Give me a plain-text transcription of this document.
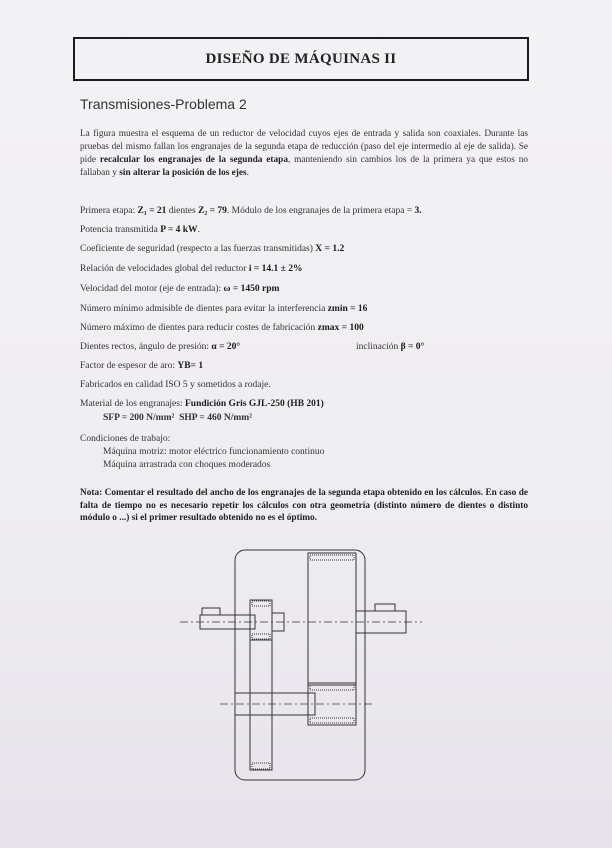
DISEÑO DE MÁQUINAS II
Transmisiones-Problema 2
La figura muestra el esquema de un reductor de velocidad cuyos ejes de entrada y salida son coaxiales. Durante las pruebas del mismo fallan los engranajes de la segunda etapa de reducción (paso del eje intermedio al eje de salida). Se pide recalcular los engranajes de la segunda etapa, manteniendo sin cambios los de la primera ya que estos no fallaban y sin alterar la posición de los ejes.
Primera etapa: Z₁ = 21 dientes Z₂ = 79. Módulo de los engranajes de la primera etapa = 3.
Potencia transmitida P = 4 kW.
Coeficiente de seguridad (respecto a las fuerzas transmitidas) X = 1.2
Relación de velocidades global del reductor i = 14.1 ± 2%
Velocidad del motor (eje de entrada): ω = 1450 rpm
Número mínimo admisible de dientes para evitar la interferencia zmin = 16
Número máximo de dientes para reducir costes de fabricación zmax = 100
Dientes rectos, ángulo de presión: α = 20°	inclinación β = 0°
Factor de espesor de aro: YB= 1
Fabricados en calidad ISO 5 y sometidos a rodaje.
Material de los engranajes: Fundición Gris GJL-250 (HB 201)
SFP = 200 N/mm² SHP = 460 N/mm²
Condiciones de trabajo:
Máquina motriz: motor eléctrico funcionamiento continuo
Máquina arrastrada con choques moderados
Nota: Comentar el resultado del ancho de los engranajes de la segunda etapa obtenido en los cálculos. En caso de falta de tiempo no es necesario repetir los cálculos con otra geometría (distinto número de dientes o distinto módulo o ...) si el primer resultado obtenido no es el óptimo.
